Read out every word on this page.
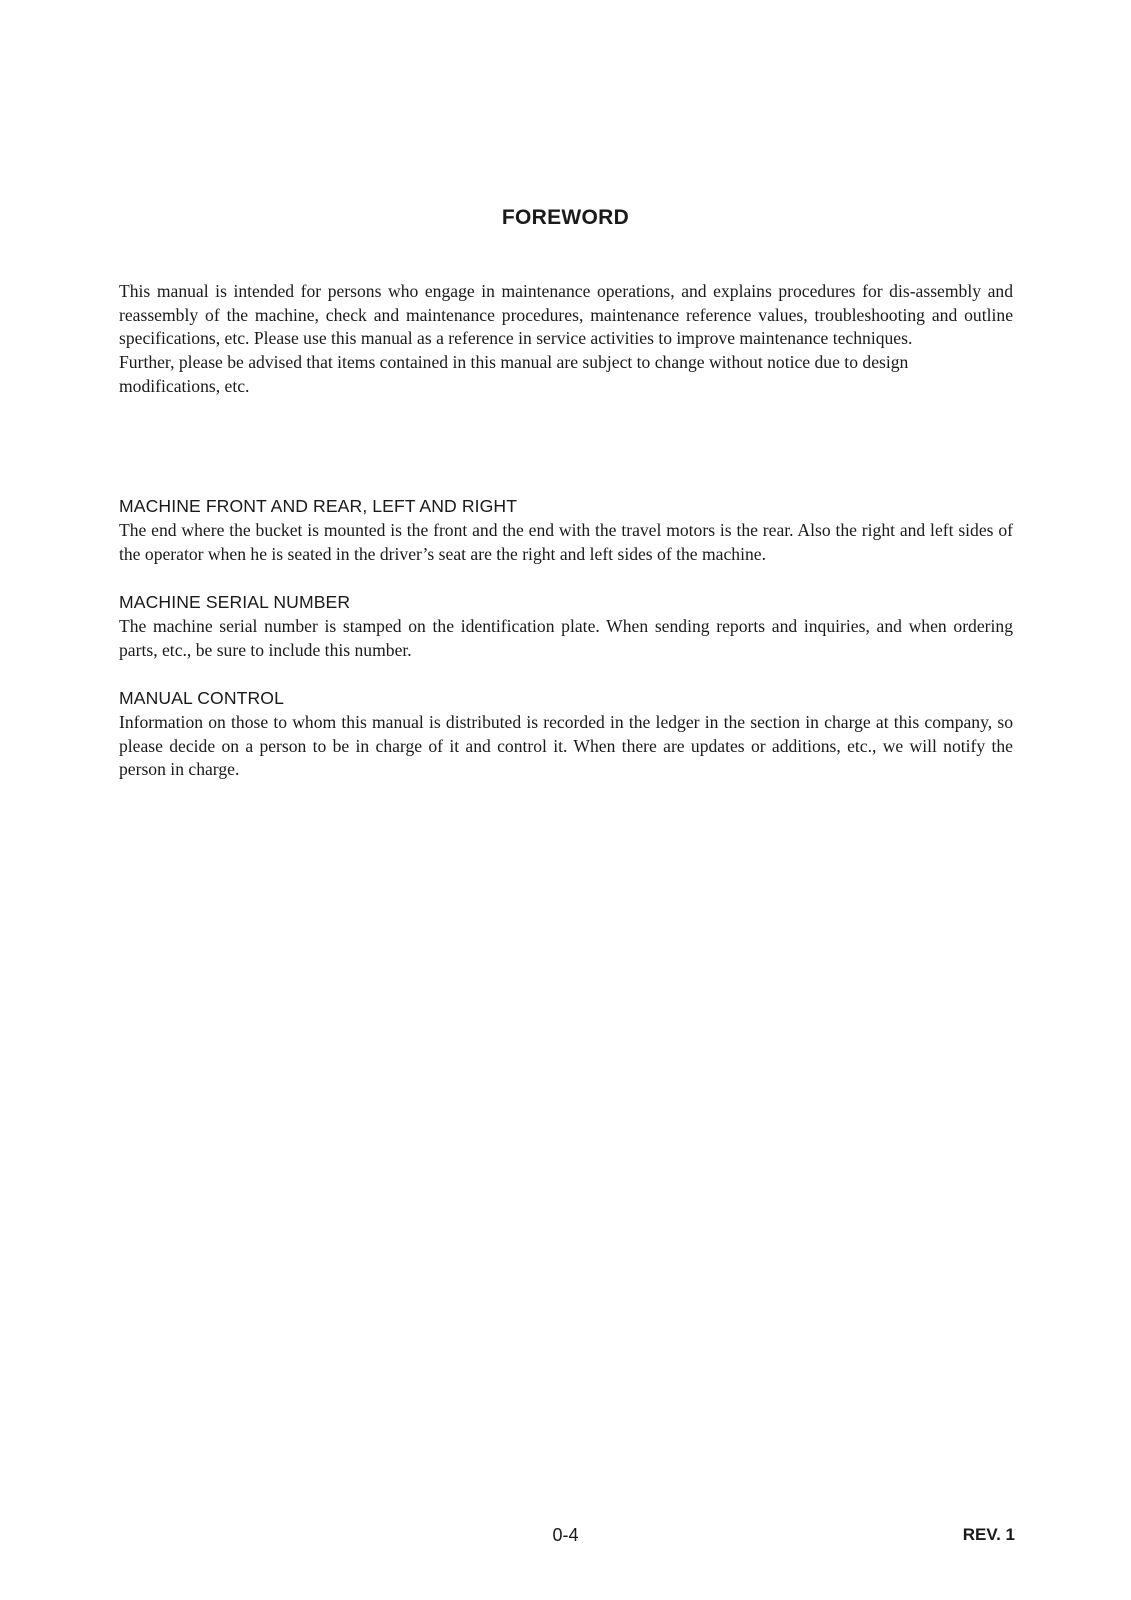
FOREWORD

This manual is intended for persons who engage in maintenance operations, and explains procedures for dis-assembly and reassembly of the machine, check and maintenance procedures, maintenance reference values, troubleshooting and outline specifications, etc. Please use this manual as a reference in service activities to improve maintenance techniques.

Further, please be advised that items contained in this manual are subject to change without notice due to design modifications, etc.

MACHINE FRONT AND REAR, LEFT AND RIGHT

The end where the bucket is mounted is the front and the end with the travel motors is the rear. Also the right and left sides of the operator when he is seated in the driver’s seat are the right and left sides of the machine.

MACHINE SERIAL NUMBER

The machine serial number is stamped on the identification plate. When sending reports and inquiries, and when ordering parts, etc., be sure to include this number.

MANUAL CONTROL

Information on those to whom this manual is distributed is recorded in the ledger in the section in charge at this company, so please decide on a person to be in charge of it and control it. When there are updates or additions, etc., we will notify the person in charge.

0-4	REV. 1
